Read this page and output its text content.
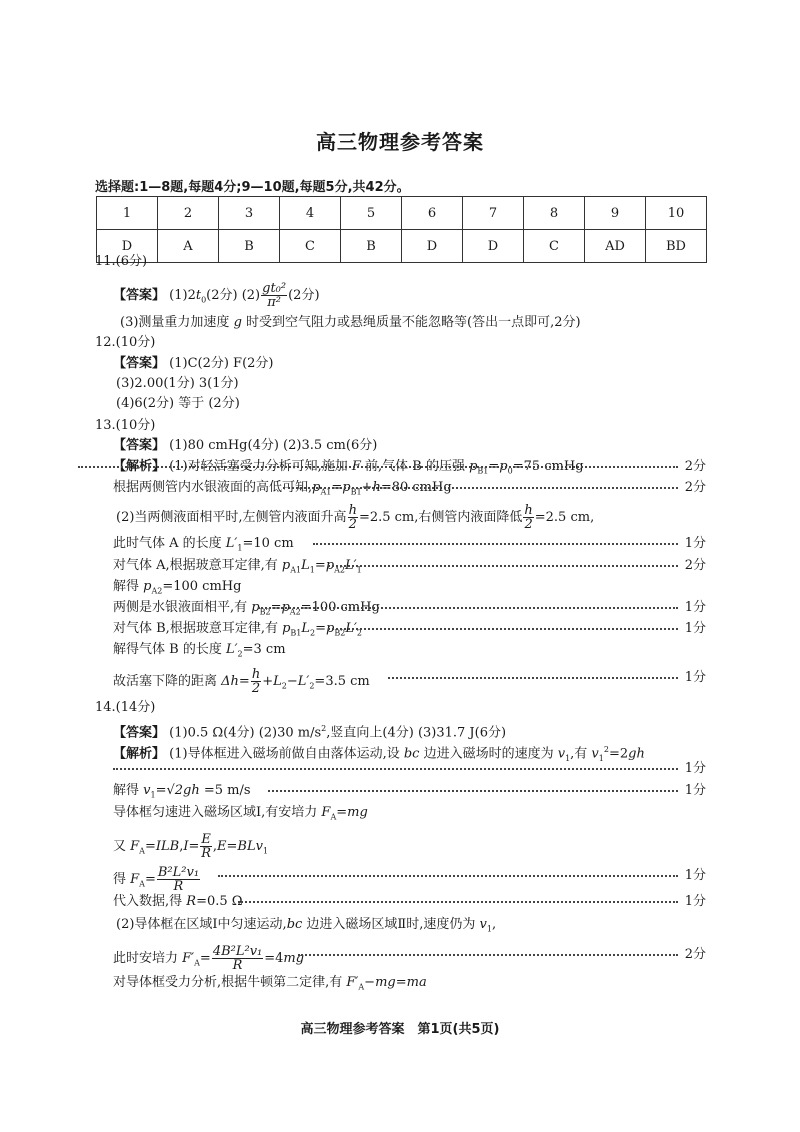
高三物理参考答案
选择题:1—8题,每题4分;9—10题,每题5分,共42分。
1	2	3	4	5	6	7	8	9	10
D	A	B	C	B	D	D	C	AD	BD
11.(6分)
【答案】 $(1)2t_0(2$分) $(2) \frac{\text{gt₀²}}{\text{π²}} (2$分)
(3)测量重力加速度 g 时受到空气阻力或悬绳质量不能忽略等(答出一点即可,2分)
12.(10分)
【答案】 (1)C(2分) F(2分)
(3)2.00(1分) 3(1分)
(4)6(2分) 等于 (2分)
13.(10分)
【答案】 (1)80 cmHg(4分) (2)3.5 cm(6分)
【解析】 (1)对轻活塞受力分析可知,施加 F 前,气体 B 的压强 $p_{B1}=p_0=75$ cmHg	2分
根据两侧管内水银液面的高低可知$,p_{A1}=p_{B1}+h=80$ cmHg	2分
(2)当两侧液面相平时,左侧管内液面升高 $\frac{h}{2} =2.5$ cm,右侧管内液面降低 $\frac{h}{2} =2.5$ cm,
此时气体 A 的长度 $L'_1=10$ cm	1分
对气体 A,根据玻意耳定律,有 $p_{A1}L_1=p_{A2}L'_1$	2分
解得 $p_{A2}=100$ cmHg
两侧是水银液面相平,有 $p_{B2}=p_{A2}=100$ cmHg	1分
对气体 B,根据玻意耳定律,有 $p_{B1}L_2=p_{B2}L'_2$	1分
解得气体 B 的长度 $L'_2=3$ cm
故活塞下降的距离 $\Delta h= \frac{h}{2} +L_2-L'_2=3.5$ cm	1分
14.(14分)
【答案】 (1)0.5 Ω(4分) (2)30 $m/s^2$,竖直向上(4分) (3)31.7 J(6分)
【解析】 (1)导体框进入磁场前做自由落体运动,设 bc 边进入磁场时的速度为 $v_1$,有 $v_1^2=2gh$
1分
解得 $v_1=√2gh =5$ m/s	1分
导体框匀速进入磁场区域Ⅰ,有安培力 $F_A=mg$
又 $F_A=ILB,I= \frac{E}{R} ,E=BLv_1$
得 $F_A= \frac{\text{B²L²v₁}}{R}$	1分
代入数据,得 R=0.5 Ω	1分
(2)导体框在区域Ⅰ中匀速运动,bc 边进入磁场区域Ⅱ时,速度仍为 $v_1$,
此时安培力 $F'_A= \frac{\text{4B²L²v₁}}{R} =4mg$	2分
对导体框受力分析,根据牛顿第二定律,有 $F'_A-mg=ma$
高三物理参考答案　第1页(共5页)
